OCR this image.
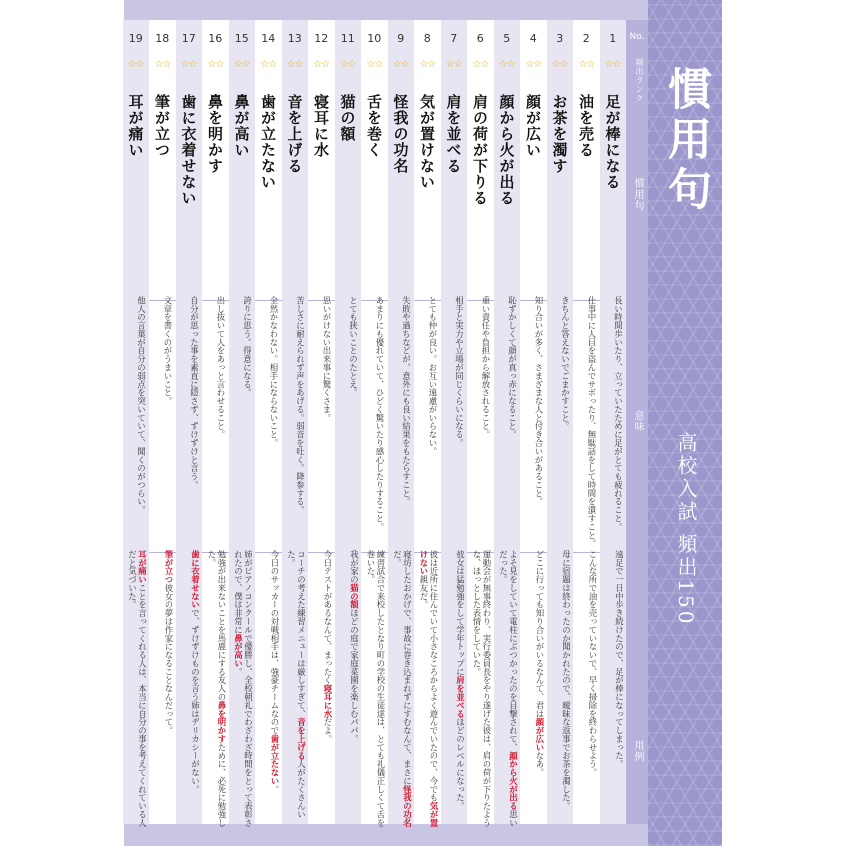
慣用句
高校入試 頻出150
No.
頻出ランク
慣用句
意味
用例
1
☆☆
足が棒になる
長い時間歩いたり、立っていたために足がとても疲れること。
遠足で一日中歩き続けたので、足が棒になってしまった。
2
☆☆
油を売る
仕事中に人目を盗んでサボったり、無駄話をして時間を潰すこと。
こんな所で油を売っていないで、早く掃除を終わらせよう。
3
☆☆
お茶を濁す
きちんと答えないでごまかすこと。
母に宿題は終わったのか聞かれたので、曖昧な返事でお茶を濁した。
4
☆☆
顔が広い
知り合いが多く、さまざまな人と付き合いがあること。
どこに行っても知り合いがいるなんて、君は顔が広いなあ。
5
☆☆
顔から火が出る
恥ずかしくて顔が真っ赤になること。
よそ見をしていて電柱にぶつかったのを目撃されて、顔から火が出る思いだった。
6
☆☆
肩の荷が下りる
重い責任や負担から解放されること。
運動会が無事終わり、実行委員長をやり遂げた彼は、肩の荷が下りたような、ほっとした表情をしていた。
7
☆☆
肩を並べる
相手と実力や立場が同じくらいになる。
彼女は猛勉強をして学年トップに肩を並べるほどのレベルになった。
8
☆☆
気が置けない
とても仲が良い。お互い遠慮がいらない。
彼は近所に住んでいて小さなころからよく遊んでいたので、今でも気が置けない親友だ。
9
☆☆
怪我の功名
失敗や過ちなどが、意外にも良い結果をもたらすこと。
寝坊したおかげで、事故に巻き込まれずにすむなんて、まさに怪我の功名だ。
10
☆☆
舌を巻く
あまりにも優れていて、ひどく驚いたり感心したりすること。
練習試合で来校したとなり町の学校の生徒達は、とても礼儀正しくて舌を巻いた。
11
☆☆
猫の額
とても狭いことのたとえ。
我が家の猫の額ほどの庭で家庭菜園を楽しむパパ。
12
☆☆
寝耳に水
思いがけない出来事に驚くさま。
今日テストがあるなんて、まったく寝耳に水だよ。
13
☆☆
音を上げる
苦しさに耐えられず声をあげる。弱音を吐く。降参する。
コーチの考えた練習メニューは厳しすぎて、音を上げる人がたくさんいた。
14
☆☆
歯が立たない
全然かなわない。相手にならないこと。
今日のサッカーの対戦相手は、強豪チームなので歯が立たない。
15
☆☆
鼻が高い
誇りに思う。得意になる。
姉がピアノコンクールで優勝し、全校朝礼でわざわざ時間をとって表彰されたので、僕は非常に鼻が高い。
16
☆☆
鼻を明かす
出し抜いて人をあっと言わせること。
勉強が出来ないことを馬鹿にする友人の鼻を明かすために、必死に勉強した。
17
☆☆
歯に衣着せない
自分が思った事を素直に隠さず、ずけずけと言う。
歯に衣着せないで、ずけずけものを言う姉はデリカシーがない。
18
☆☆
筆が立つ
文章を書くのがうまいこと。
筆が立つ彼女の夢は作家になることなんだって。
19
☆☆
耳が痛い
他人の言葉が自分の弱点を突いていて、聞くのがつらい。
耳が痛いことを言ってくれる人は、本当に自分の事を考えてくれている人だと気づいた。
